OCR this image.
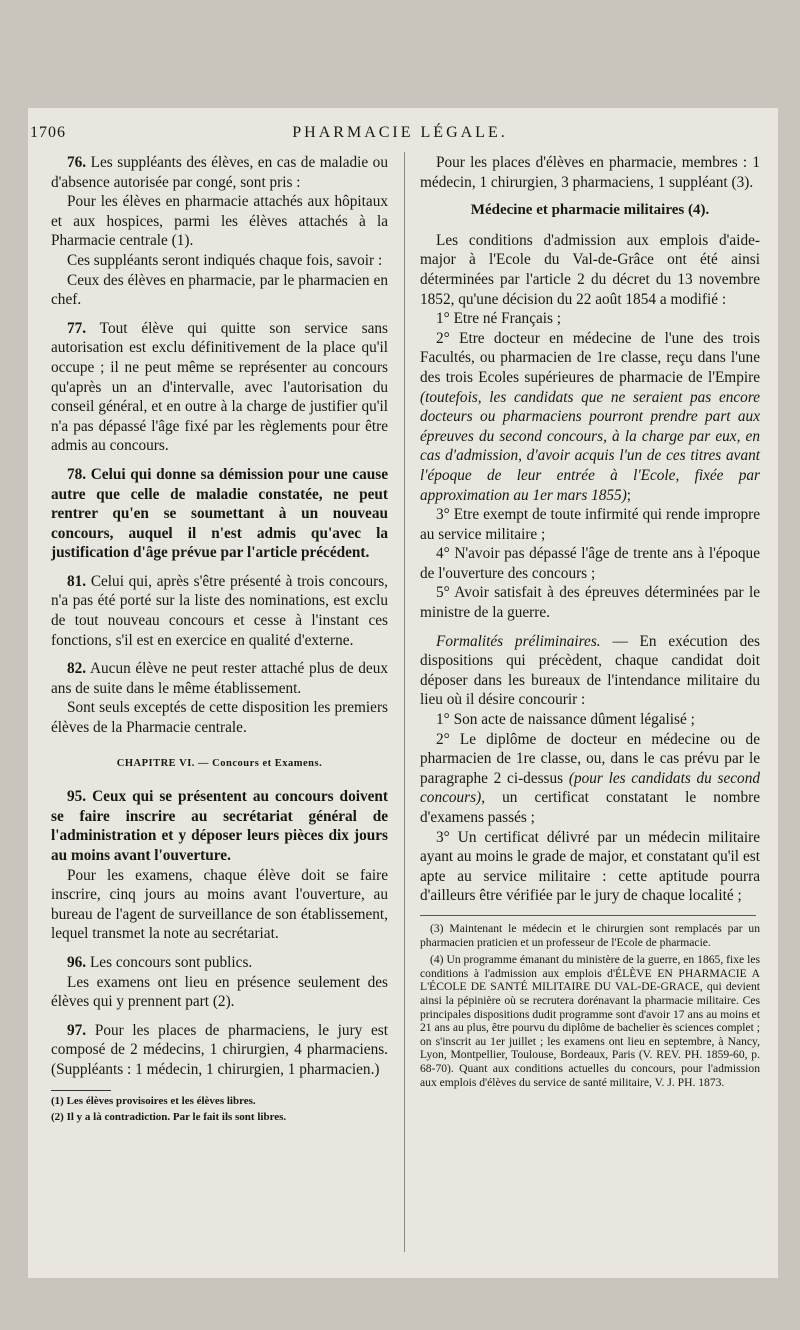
PHARMACIE LÉGALE.
1706

76. Les suppléants des élèves, en cas de maladie ou d'absence autorisée par congé, sont pris :

Pour les élèves en pharmacie attachés aux hôpitaux et aux hospices, parmi les élèves attachés à la Pharmacie centrale (1).

Ces suppléants seront indiqués chaque fois, savoir :

Ceux des élèves en pharmacie, par le pharmacien en chef.

77. Tout élève qui quitte son service sans autorisation est exclu définitivement de la place qu'il occupe ; il ne peut même se représenter au concours qu'après un an d'intervalle, avec l'autorisation du conseil général, et en outre à la charge de justifier qu'il n'a pas dépassé l'âge fixé par les règlements pour être admis au concours.

78. Celui qui donne sa démission pour une cause autre que celle de maladie constatée, ne peut rentrer qu'en se soumettant à un nouveau concours, auquel il n'est admis qu'avec la justification d'âge prévue par l'article précédent.

81. Celui qui, après s'être présenté à trois concours, n'a pas été porté sur la liste des nominations, est exclu de tout nouveau concours et cesse à l'instant ces fonctions, s'il est en exercice en qualité d'externe.

82. Aucun élève ne peut rester attaché plus de deux ans de suite dans le même établissement.

Sont seuls exceptés de cette disposition les premiers élèves de la Pharmacie centrale.

CHAPITRE VI. — Concours et Examens.

95. Ceux qui se présentent au concours doivent se faire inscrire au secrétariat général de l'administration et y déposer leurs pièces dix jours au moins avant l'ouverture.

Pour les examens, chaque élève doit se faire inscrire, cinq jours au moins avant l'ouverture, au bureau de l'agent de surveillance de son établissement, lequel transmet la note au secrétariat.

96. Les concours sont publics.

Les examens ont lieu en présence seulement des élèves qui y prennent part (2).

97. Pour les places de pharmaciens, le jury est composé de 2 médecins, 1 chirurgien, 4 pharmaciens. (Suppléants : 1 médecin, 1 chirurgien, 1 pharmacien.)

(1) Les élèves provisoires et les élèves libres.

(2) Il y a là contradiction. Par le fait ils sont libres.

Pour les places d'élèves en pharmacie, membres : 1 médecin, 1 chirurgien, 3 pharmaciens, 1 suppléant (3).

Médecine et pharmacie militaires (4).

Les conditions d'admission aux emplois d'aide-major à l'Ecole du Val-de-Grâce ont été ainsi déterminées par l'article 2 du décret du 13 novembre 1852, qu'une décision du 22 août 1854 a modifié :

1° Etre né Français ;

2° Etre docteur en médecine de l'une des trois Facultés, ou pharmacien de 1re classe, reçu dans l'une des trois Ecoles supérieures de pharmacie de l'Empire (toutefois, les candidats que ne seraient pas encore docteurs ou pharmaciens pourront prendre part aux épreuves du second concours, à la charge par eux, en cas d'admission, d'avoir acquis l'un de ces titres avant l'époque de leur entrée à l'Ecole, fixée par approximation au 1er mars 1855);

3° Etre exempt de toute infirmité qui rende impropre au service militaire ;

4° N'avoir pas dépassé l'âge de trente ans à l'époque de l'ouverture des concours ;

5° Avoir satisfait à des épreuves déterminées par le ministre de la guerre.

Formalités préliminaires. — En exécution des dispositions qui précèdent, chaque candidat doit déposer dans les bureaux de l'intendance militaire du lieu où il désire concourir :

1° Son acte de naissance dûment légalisé ;

2° Le diplôme de docteur en médecine ou de pharmacien de 1re classe, ou, dans le cas prévu par le paragraphe 2 ci-dessus (pour les candidats du second concours), un certificat constatant le nombre d'examens passés ;

3° Un certificat délivré par un médecin militaire ayant au moins le grade de major, et constatant qu'il est apte au service militaire : cette aptitude pourra d'ailleurs être vérifiée par le jury de chaque localité ;

(3) Maintenant le médecin et le chirurgien sont remplacés par un pharmacien praticien et un professeur de l'Ecole de pharmacie.

(4) Un programme émanant du ministère de la guerre, en 1865, fixe les conditions à l'admission aux emplois d'ÉLÈVE EN PHARMACIE A L'ÉCOLE DE SANTÉ MILITAIRE DU VAL-DE-GRACE, qui devient ainsi la pépinière où se recrutera dorénavant la pharmacie militaire. Ces principales dispositions dudit programme sont d'avoir 17 ans au moins et 21 ans au plus, être pourvu du diplôme de bachelier ès sciences complet ; on s'inscrit au 1er juillet ; les examens ont lieu en septembre, à Nancy, Lyon, Montpellier, Toulouse, Bordeaux, Paris (V. REV. PH. 1859-60, p. 68-70). Quant aux conditions actuelles du concours, pour l'admission aux emplois d'élèves du service de santé militaire, V. J. PH. 1873.
